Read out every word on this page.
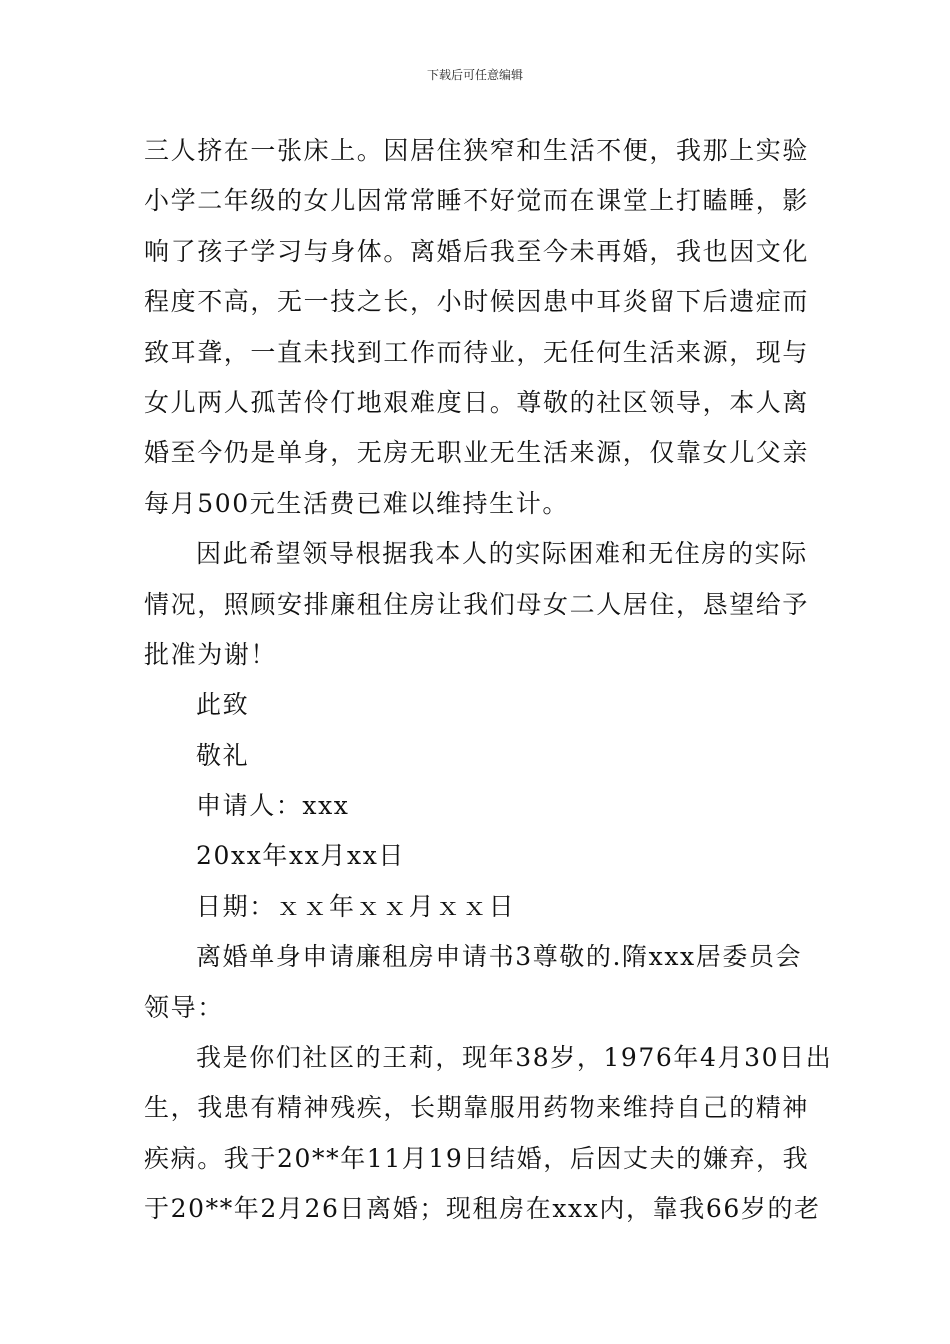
下载后可任意编辑
三人挤在一张床上。因居住狭窄和生活不便，我那上实验
小学二年级的女儿因常常睡不好觉而在课堂上打瞌睡，影
响了孩子学习与身体。离婚后我至今未再婚，我也因文化
程度不高，无一技之长，小时候因患中耳炎留下后遗症而
致耳聋，一直未找到工作而待业，无任何生活来源，现与
女儿两人孤苦伶仃地艰难度日。尊敬的社区领导，本人离
婚至今仍是单身，无房无职业无生活来源，仅靠女儿父亲
每月500元生活费已难以维持生计。
因此希望领导根据我本人的实际困难和无住房的实际
情况，照顾安排廉租住房让我们母女二人居住，恳望给予
批准为谢！
此致
敬礼
申请人：xxx
20xx年xx月xx日
日期：ｘｘ年ｘｘ月ｘｘ日
离婚单身申请廉租房申请书3尊敬的.隋xxx居委员会
领导：
我是你们社区的王莉，现年38岁，1976年4月30日出
生，我患有精神残疾，长期靠服用药物来维持自己的精神
疾病。我于20**年11月19日结婚，后因丈夫的嫌弃，我
于20**年2月26日离婚；现租房在xxx内，靠我66岁的老
